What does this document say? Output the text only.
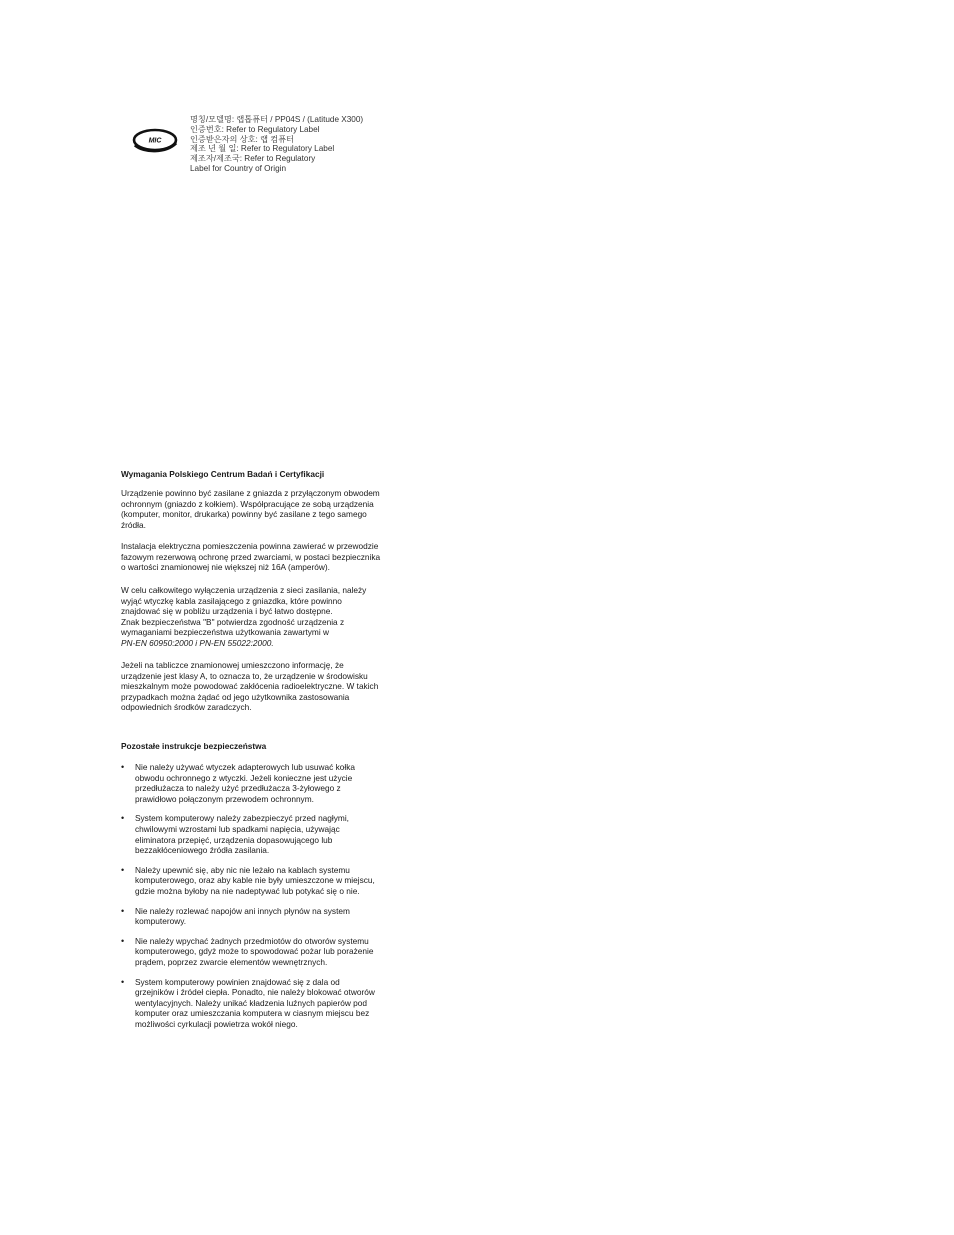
MIC
명칭/모델명: 랩톱퓨터 / PP04S / (Latitude X300)
인증번호: Refer to Regulatory Label
인증받은자의 상호: 랩 컴퓨터
제조 년 월 일: Refer to Regulatory Label
제조자/제조국: Refer to Regulatory
Label for Country of Origin
Wymagania Polskiego Centrum Badań i Certyfikacji
Urządzenie powinno być zasilane z gniazda z przyłączonym obwodem
ochronnym (gniazdo z kołkiem). Współpracujące ze sobą urządzenia
(komputer, monitor, drukarka) powinny być zasilane z tego samego
źródła.
Instalacja elektryczna pomieszczenia powinna zawierać w przewodzie
fazowym rezerwową ochronę przed zwarciami, w postaci bezpiecznika
o wartości znamionowej nie większej niż 16A (amperów).
W celu całkowitego wyłączenia urządzenia z sieci zasilania, należy
wyjąć wtyczkę kabla zasilającego z gniazdka, które powinno
znajdować się w pobliżu urządzenia i być łatwo dostępne.
Znak bezpieczeństwa "B" potwierdza zgodność urządzenia z
wymaganiami bezpieczeństwa użytkowania zawartymi w
PN-EN 60950:2000 i PN-EN 55022:2000.
Jeżeli na tabliczce znamionowej umieszczono informację, że
urządzenie jest klasy A, to oznacza to, że urządzenie w środowisku
mieszkalnym może powodować zakłócenia radioelektryczne. W takich
przypadkach można żądać od jego użytkownika zastosowania
odpowiednich środków zaradczych.
Pozostałe instrukcje bezpieczeństwa
• Nie należy używać wtyczek adapterowych lub usuwać kołka
obwodu ochronnego z wtyczki. Jeżeli konieczne jest użycie
przedłużacza to należy użyć przedłużacza 3-żyłowego z
prawidłowo połączonym przewodem ochronnym.
• System komputerowy należy zabezpieczyć przed nagłymi,
chwilowymi wzrostami lub spadkami napięcia, używając
eliminatora przepięć, urządzenia dopasowującego lub
bezzakłóceniowego źródła zasilania.
• Należy upewnić się, aby nic nie leżało na kablach systemu
komputerowego, oraz aby kable nie były umieszczone w miejscu,
gdzie można byłoby na nie nadeptywać lub potykać się o nie.
• Nie należy rozlewać napojów ani innych płynów na system
komputerowy.
• Nie należy wpychać żadnych przedmiotów do otworów systemu
komputerowego, gdyż może to spowodować pożar lub porażenie
prądem, poprzez zwarcie elementów wewnętrznych.
• System komputerowy powinien znajdować się z dala od
grzejników i źródeł ciepła. Ponadto, nie należy blokować otworów
wentylacyjnych. Należy unikać kładzenia luźnych papierów pod
komputer oraz umieszczania komputera w ciasnym miejscu bez
możliwości cyrkulacji powietrza wokół niego.
